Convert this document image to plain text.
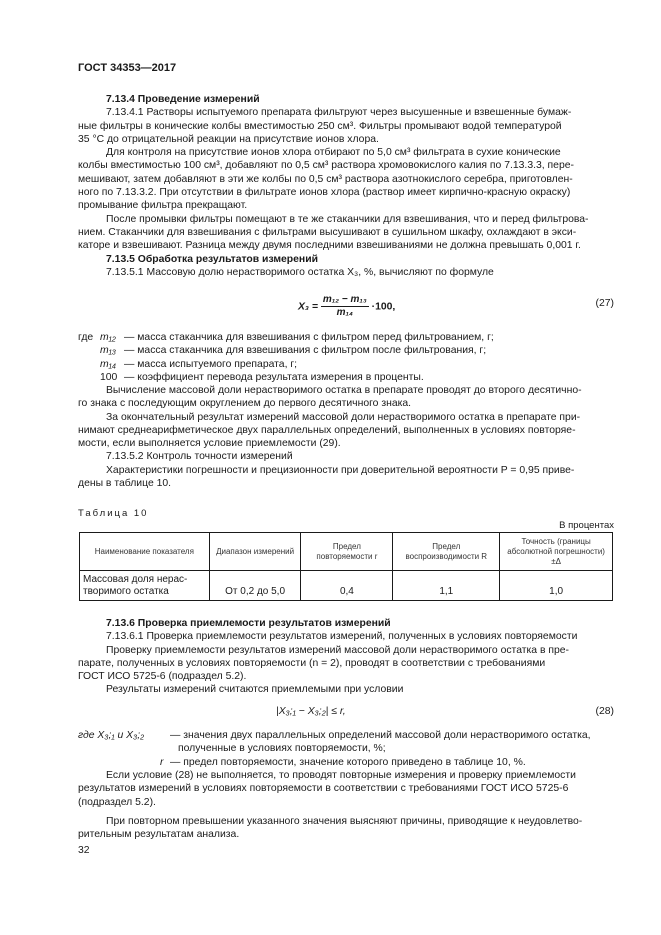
ГОСТ 34353—2017
7.13.4 Проведение измерений
7.13.4.1 Растворы испытуемого препарата фильтруют через высушенные и взвешенные бумаж-
ные фильтры в конические колбы вместимостью 250 см³. Фильтры промывают водой температурой
35 °С до отрицательной реакции на присутствие ионов хлора.
Для контроля на присутствие ионов хлора отбирают по 5,0 см³ фильтрата в сухие конические
колбы вместимостью 100 см³, добавляют по 0,5 см³ раствора хромовокислого калия по 7.13.3.3, пере-
мешивают, затем добавляют в эти же колбы по 0,5 см³ раствора азотнокислого серебра, приготовлен-
ного по 7.13.3.2. При отсутствии в фильтрате ионов хлора (раствор имеет кирпично-красную окраску)
промывание фильтра прекращают.
После промывки фильтры помещают в те же стаканчики для взвешивания, что и перед фильтрова-
нием. Стаканчики для взвешивания с фильтрами высушивают в сушильном шкафу, охлаждают в экси-
каторе и взвешивают. Разница между двумя последними взвешиваниями не должна превышать 0,001 г.
7.13.5 Обработка результатов измерений
7.13.5.1 Массовую долю нерастворимого остатка X₃, %, вычисляют по формуле
$X_3 = \frac{\text{m₁₂ − m₁₃}}{\text{m₁₄}} \cdot 100$,	(27)
где m₁₂ — масса стаканчика для взвешивания с фильтром перед фильтрованием, г;
m₁₃ — масса стаканчика для взвешивания с фильтром после фильтрования, г;
m₁₄ — масса испытуемого препарата, г;
100 — коэффициент перевода результата измерения в проценты.
Вычисление массовой доли нерастворимого остатка в препарате проводят до второго десятично-
го знака с последующим округлением до первого десятичного знака.
За окончательный результат измерений массовой доли нерастворимого остатка в препарате при-
нимают среднеарифметическое двух параллельных определений, выполненных в условиях повторяе-
мости, если выполняется условие приемлемости (29).
7.13.5.2 Контроль точности измерений
Характеристики погрешности и прецизионности при доверительной вероятности P = 0,95 приве-
дены в таблице 10.
Таблица 10
В процентах
Наименование показателя	Диапазон измерений	Предел повторяемости r	Предел воспроизводимости R	Точность (границы абсолютной погрешности) ±Δ
Массовая доля нерас-творимого остатка	От 0,2 до 5,0	0,4	1,1	1,0
7.13.6 Проверка приемлемости результатов измерений
7.13.6.1 Проверка приемлемости результатов измерений, полученных в условиях повторяемости
Проверку приемлемости результатов измерений массовой доли нерастворимого остатка в пре-
парате, полученных в условиях повторяемости (n = 2), проводят в соответствии с требованиями
ГОСТ ИСО 5725-6 (подраздел 5.2).
Результаты измерений считаются приемлемыми при условии
|X₃;₁ − X₃;₂| ≤ r,	(28)
где X₃;₁ и X₃;₂ — значения двух параллельных определений массовой доли нерастворимого остатка,
полученные в условиях повторяемости, %;
r — предел повторяемости, значение которого приведено в таблице 10, %.
Если условие (28) не выполняется, то проводят повторные измерения и проверку приемлемости
результатов измерений в условиях повторяемости в соответствии с требованиями ГОСТ ИСО 5725-6
(подраздел 5.2).
При повторном превышении указанного значения выясняют причины, приводящие к неудовлетво-
рительным результатам анализа.
32
